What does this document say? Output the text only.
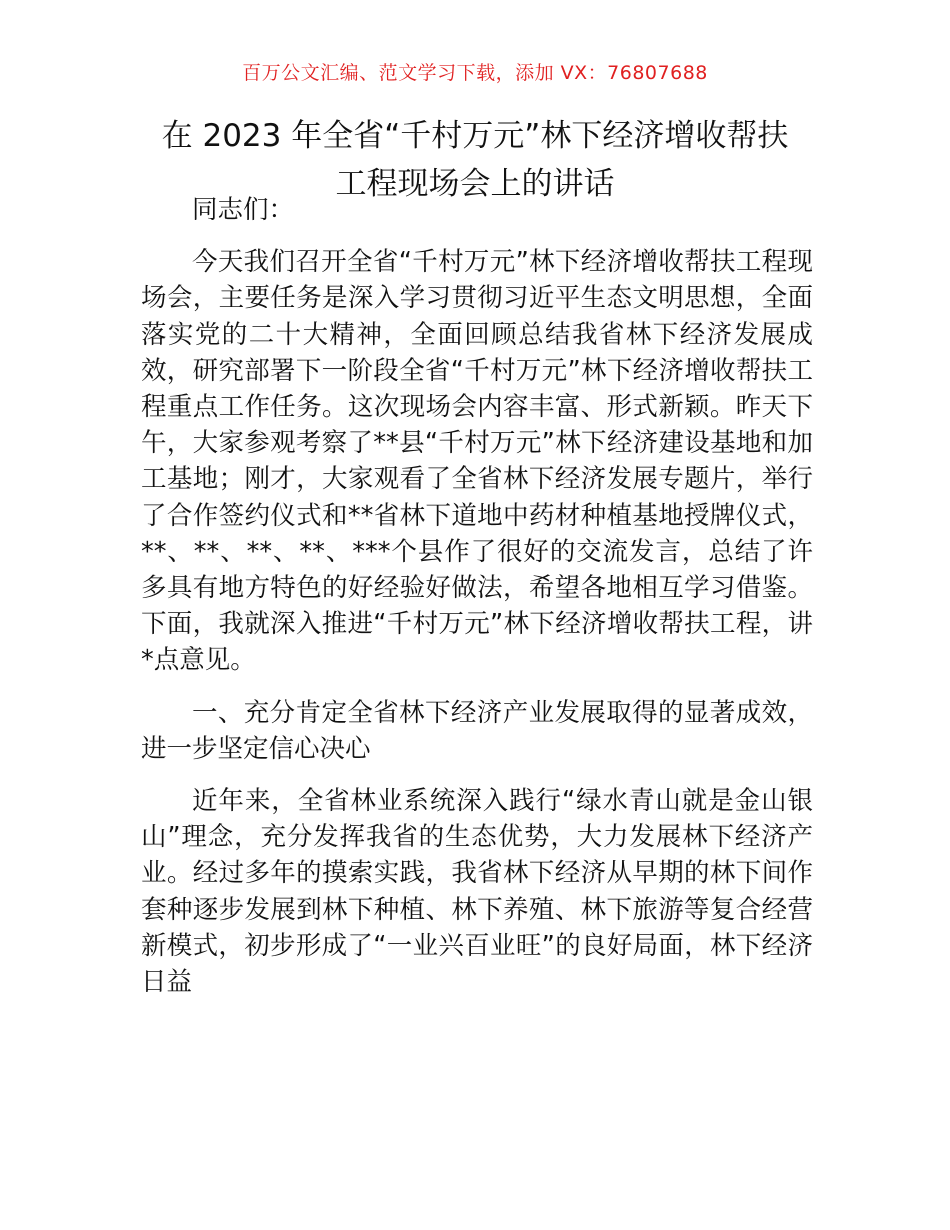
百万公文汇编、范文学习下载，添加 VX：76807688
在 2023 年全省“千村万元”林下经济增收帮扶
工程现场会上的讲话

同志们：

今天我们召开全省“千村万元”林下经济增收帮扶工程现场会，主要任务是深入学习贯彻习近平生态文明思想，全面落实党的二十大精神，全面回顾总结我省林下经济发展成效，研究部署下一阶段全省“千村万元”林下经济增收帮扶工程重点工作任务。这次现场会内容丰富、形式新颖。昨天下午，大家参观考察了**县“千村万元”林下经济建设基地和加工基地；刚才，大家观看了全省林下经济发展专题片，举行了合作签约仪式和**省林下道地中药材种植基地授牌仪式，**、**、**、**、***个县作了很好的交流发言，总结了许多具有地方特色的好经验好做法，希望各地相互学习借鉴。下面，我就深入推进“千村万元”林下经济增收帮扶工程，讲*点意见。

一、充分肯定全省林下经济产业发展取得的显著成效，进一步坚定信心决心

近年来，全省林业系统深入践行“绿水青山就是金山银山”理念，充分发挥我省的生态优势，大力发展林下经济产业。经过多年的摸索实践，我省林下经济从早期的林下间作套种逐步发展到林下种植、林下养殖、林下旅游等复合经营新模式，初步形成了“一业兴百业旺”的良好局面，林下经济日益
